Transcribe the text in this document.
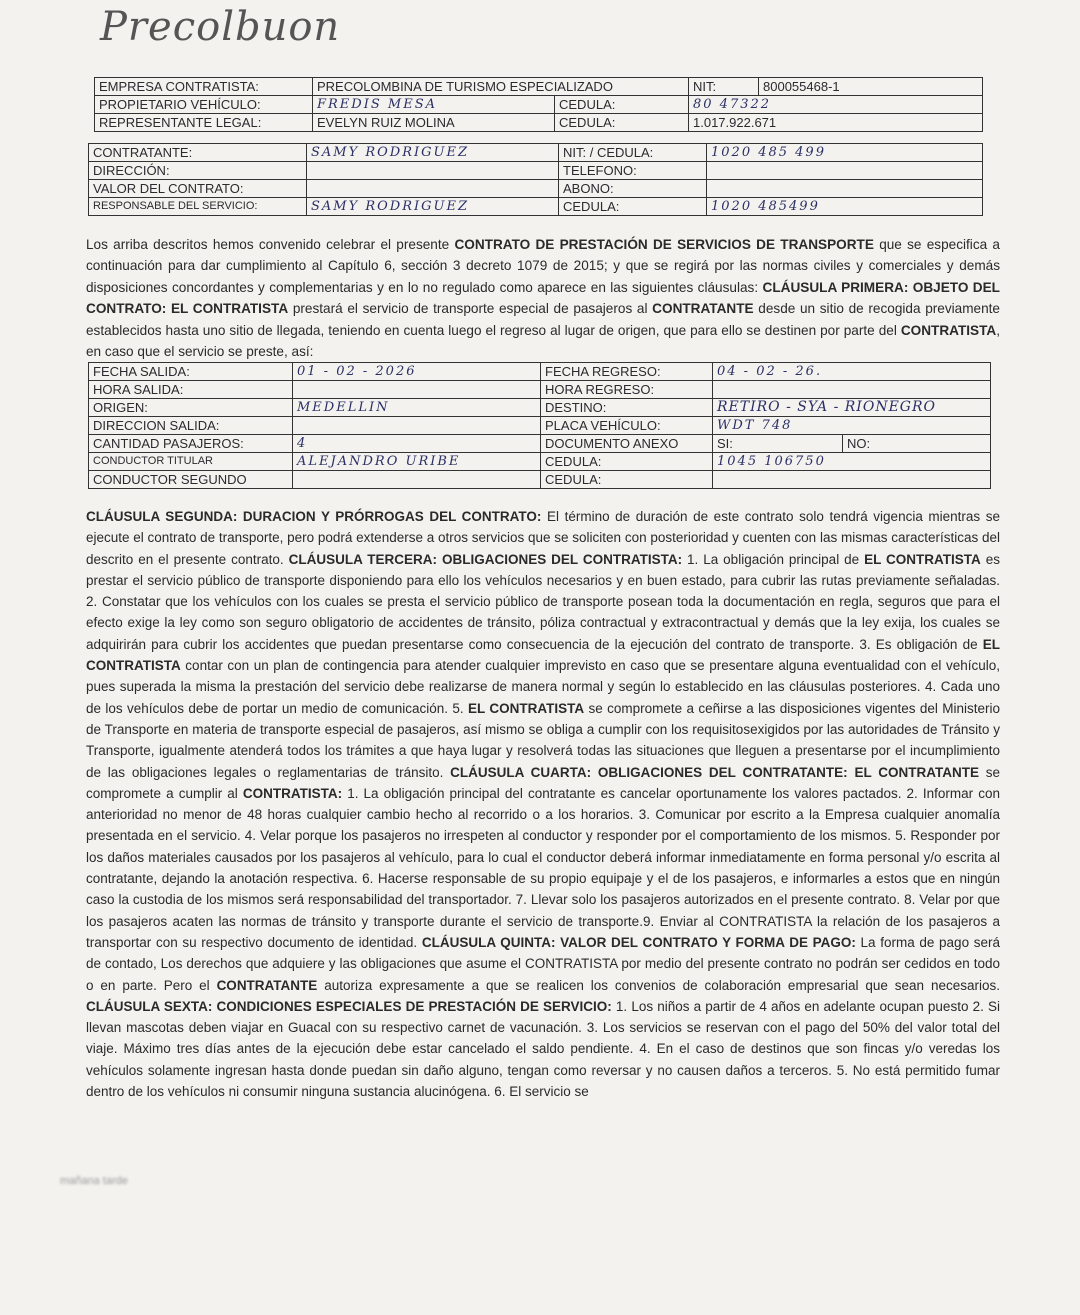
Precolbuon
EMPRESA CONTRATISTA:	PRECOLOMBINA DE TURISMO ESPECIALIZADO		NIT:	800055468-1
PROPIETARIO VEHÍCULO:	FREDIS MESA	CEDULA:	80 47322	
REPRESENTANTE LEGAL:	EVELYN RUIZ MOLINA	CEDULA:	1.017.922.671	
CONTRATANTE:	SAMY RODRIGUEZ	NIT: / CEDULA:	1020 485 499
DIRECCIÓN:		TELEFONO:	
VALOR DEL CONTRATO:		ABONO:	
RESPONSABLE DEL SERVICIO:	SAMY RODRIGUEZ	CEDULA:	1020 485499
Los arriba descritos hemos convenido celebrar el presente CONTRATO DE PRESTACIÓN DE SERVICIOS DE TRANSPORTE que se especifica a continuación para dar cumplimiento al Capítulo 6, sección 3 decreto 1079 de 2015; y que se regirá por las normas civiles y comerciales y demás disposiciones concordantes y complementarias y en lo no regulado como aparece en las siguientes cláusulas: CLÁUSULA PRIMERA: OBJETO DEL CONTRATO: EL CONTRATISTA prestará el servicio de transporte especial de pasajeros al CONTRATANTE desde un sitio de recogida previamente establecidos hasta uno sitio de llegada, teniendo en cuenta luego el regreso al lugar de origen, que para ello se destinen por parte del CONTRATISTA, en caso que el servicio se preste, así:
FECHA SALIDA:	01 - 02 - 2026	FECHA REGRESO:	04 - 02 - 26.	
HORA SALIDA:		HORA REGRESO:		
ORIGEN:	MEDELLIN	DESTINO:	RETIRO - SYA - RIONEGRO	
DIRECCION SALIDA:		PLACA VEHÍCULO:	WDT 748	
CANTIDAD PASAJEROS:	4	DOCUMENTO ANEXO	SI:	NO:
CONDUCTOR TITULAR	ALEJANDRO URIBE	CEDULA:	1045 106750	
CONDUCTOR SEGUNDO		CEDULA:		
CLÁUSULA SEGUNDA: DURACION Y PRÓRROGAS DEL CONTRATO: El término de duración de este contrato solo tendrá vigencia mientras se ejecute el contrato de transporte, pero podrá extenderse a otros servicios que se soliciten con posterioridad y cuenten con las mismas características del descrito en el presente contrato. CLÁUSULA TERCERA: OBLIGACIONES DEL CONTRATISTA: 1. La obligación principal de EL CONTRATISTA es prestar el servicio público de transporte disponiendo para ello los vehículos necesarios y en buen estado, para cubrir las rutas previamente señaladas. 2. Constatar que los vehículos con los cuales se presta el servicio público de transporte posean toda la documentación en regla, seguros que para el efecto exige la ley como son seguro obligatorio de accidentes de tránsito, póliza contractual y extracontractual y demás que la ley exija, los cuales se adquirirán para cubrir los accidentes que puedan presentarse como consecuencia de la ejecución del contrato de transporte. 3. Es obligación de EL CONTRATISTA contar con un plan de contingencia para atender cualquier imprevisto en caso que se presentare alguna eventualidad con el vehículo, pues superada la misma la prestación del servicio debe realizarse de manera normal y según lo establecido en las cláusulas posteriores. 4. Cada uno de los vehículos debe de portar un medio de comunicación. 5. EL CONTRATISTA se compromete a ceñirse a las disposiciones vigentes del Ministerio de Transporte en materia de transporte especial de pasajeros, así mismo se obliga a cumplir con los requisitosexigidos por las autoridades de Tránsito y Transporte, igualmente atenderá todos los trámites a que haya lugar y resolverá todas las situaciones que lleguen a presentarse por el incumplimiento de las obligaciones legales o reglamentarias de tránsito. CLÁUSULA CUARTA: OBLIGACIONES DEL CONTRATANTE: EL CONTRATANTE se compromete a cumplir al CONTRATISTA: 1. La obligación principal del contratante es cancelar oportunamente los valores pactados. 2. Informar con anterioridad no menor de 48 horas cualquier cambio hecho al recorrido o a los horarios. 3. Comunicar por escrito a la Empresa cualquier anomalía presentada en el servicio. 4. Velar porque los pasajeros no irrespeten al conductor y responder por el comportamiento de los mismos. 5. Responder por los daños materiales causados por los pasajeros al vehículo, para lo cual el conductor deberá informar inmediatamente en forma personal y/o escrita al contratante, dejando la anotación respectiva. 6. Hacerse responsable de su propio equipaje y el de los pasajeros, e informarles a estos que en ningún caso la custodia de los mismos será responsabilidad del transportador. 7. Llevar solo los pasajeros autorizados en el presente contrato. 8. Velar por que los pasajeros acaten las normas de tránsito y transporte durante el servicio de transporte.9. Enviar al CONTRATISTA la relación de los pasajeros a transportar con su respectivo documento de identidad. CLÁUSULA QUINTA: VALOR DEL CONTRATO Y FORMA DE PAGO: La forma de pago será de contado, Los derechos que adquiere y las obligaciones que asume el CONTRATISTA por medio del presente contrato no podrán ser cedidos en todo o en parte. Pero el CONTRATANTE autoriza expresamente a que se realicen los convenios de colaboración empresarial que sean necesarios. CLÁUSULA SEXTA: CONDICIONES ESPECIALES DE PRESTACIÓN DE SERVICIO: 1. Los niños a partir de 4 años en adelante ocupan puesto 2. Si llevan mascotas deben viajar en Guacal con su respectivo carnet de vacunación. 3. Los servicios se reservan con el pago del 50% del valor total del viaje. Máximo tres días antes de la ejecución debe estar cancelado el saldo pendiente. 4. En el caso de destinos que son fincas y/o veredas los vehículos solamente ingresan hasta donde puedan sin daño alguno, tengan como reversar y no causen daños a terceros. 5. No está permitido fumar dentro de los vehículos ni consumir ninguna sustancia alucinógena. 6. El servicio se
mañana tarde
